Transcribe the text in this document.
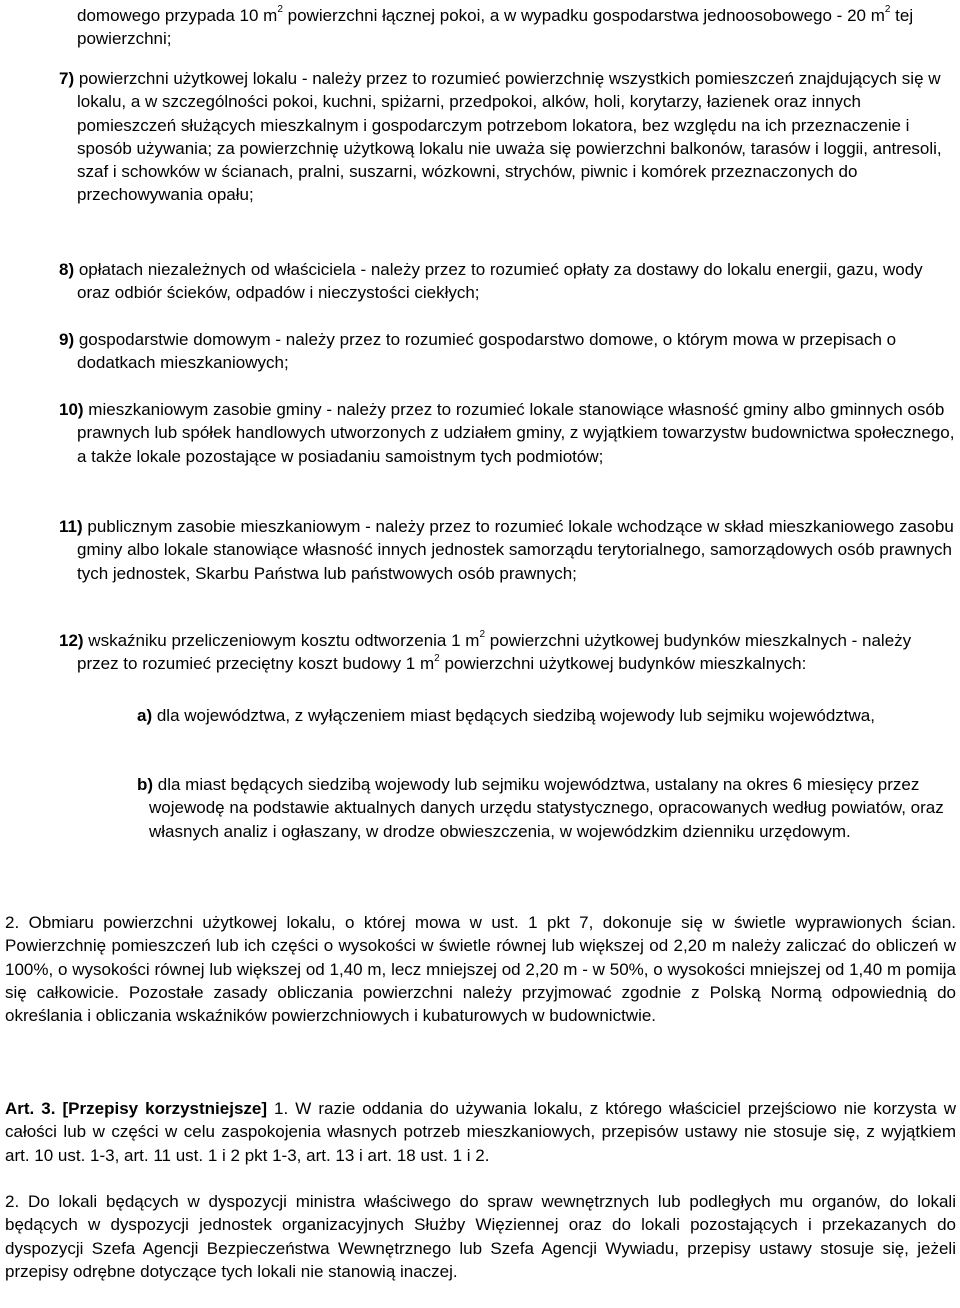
domowego przypada 10 $m^2$ powierzchni łącznej pokoi, a w wypadku gospodarstwa jednoosobowego - 20 $m^2$ tej powierzchni;

7) powierzchni użytkowej lokalu - należy przez to rozumieć powierzchnię wszystkich pomieszczeń znajdujących się w lokalu, a w szczególności pokoi, kuchni, spiżarni, przedpokoi, alków, holi, korytarzy, łazienek oraz innych pomieszczeń służących mieszkalnym i gospodarczym potrzebom lokatora, bez względu na ich przeznaczenie i sposób używania; za powierzchnię użytkową lokalu nie uważa się powierzchni balkonów, tarasów i loggii, antresoli, szaf i schowków w ścianach, pralni, suszarni, wózkowni, strychów, piwnic i komórek przeznaczonych do przechowywania opału;

8) opłatach niezależnych od właściciela - należy przez to rozumieć opłaty za dostawy do lokalu energii, gazu, wody oraz odbiór ścieków, odpadów i nieczystości ciekłych;

9) gospodarstwie domowym - należy przez to rozumieć gospodarstwo domowe, o którym mowa w przepisach o dodatkach mieszkaniowych;

10) mieszkaniowym zasobie gminy - należy przez to rozumieć lokale stanowiące własność gminy albo gminnych osób prawnych lub spółek handlowych utworzonych z udziałem gminy, z wyjątkiem towarzystw budownictwa społecznego, a także lokale pozostające w posiadaniu samoistnym tych podmiotów;

11) publicznym zasobie mieszkaniowym - należy przez to rozumieć lokale wchodzące w skład mieszkaniowego zasobu gminy albo lokale stanowiące własność innych jednostek samorządu terytorialnego, samorządowych osób prawnych tych jednostek, Skarbu Państwa lub państwowych osób prawnych;

12) wskaźniku przeliczeniowym kosztu odtworzenia 1 $m^2$ powierzchni użytkowej budynków mieszkalnych - należy przez to rozumieć przeciętny koszt budowy 1 $m^2$ powierzchni użytkowej budynków mieszkalnych:

a) dla województwa, z wyłączeniem miast będących siedzibą wojewody lub sejmiku województwa,

b) dla miast będących siedzibą wojewody lub sejmiku województwa, ustalany na okres 6 miesięcy przez wojewodę na podstawie aktualnych danych urzędu statystycznego, opracowanych według powiatów, oraz własnych analiz i ogłaszany, w drodze obwieszczenia, w wojewódzkim dzienniku urzędowym.

2. Obmiaru powierzchni użytkowej lokalu, o której mowa w ust. 1 pkt 7, dokonuje się w świetle wyprawionych ścian. Powierzchnię pomieszczeń lub ich części o wysokości w świetle równej lub większej od 2,20 m należy zaliczać do obliczeń w 100%, o wysokości równej lub większej od 1,40 m, lecz mniejszej od 2,20 m - w 50%, o wysokości mniejszej od 1,40 m pomija się całkowicie. Pozostałe zasady obliczania powierzchni należy przyjmować zgodnie z Polską Normą odpowiednią do określania i obliczania wskaźników powierzchniowych i kubaturowych w budownictwie.

Art. 3. [Przepisy korzystniejsze] 1. W razie oddania do używania lokalu, z którego właściciel przejściowo nie korzysta w całości lub w części w celu zaspokojenia własnych potrzeb mieszkaniowych, przepisów ustawy nie stosuje się, z wyjątkiem art. 10 ust. 1-3, art. 11 ust. 1 i 2 pkt 1-3, art. 13 i art. 18 ust. 1 i 2.

2. Do lokali będących w dyspozycji ministra właściwego do spraw wewnętrznych lub podległych mu organów, do lokali będących w dyspozycji jednostek organizacyjnych Służby Więziennej oraz do lokali pozostających i przekazanych do dyspozycji Szefa Agencji Bezpieczeństwa Wewnętrznego lub Szefa Agencji Wywiadu, przepisy ustawy stosuje się, jeżeli przepisy odrębne dotyczące tych lokali nie stanowią inaczej.
